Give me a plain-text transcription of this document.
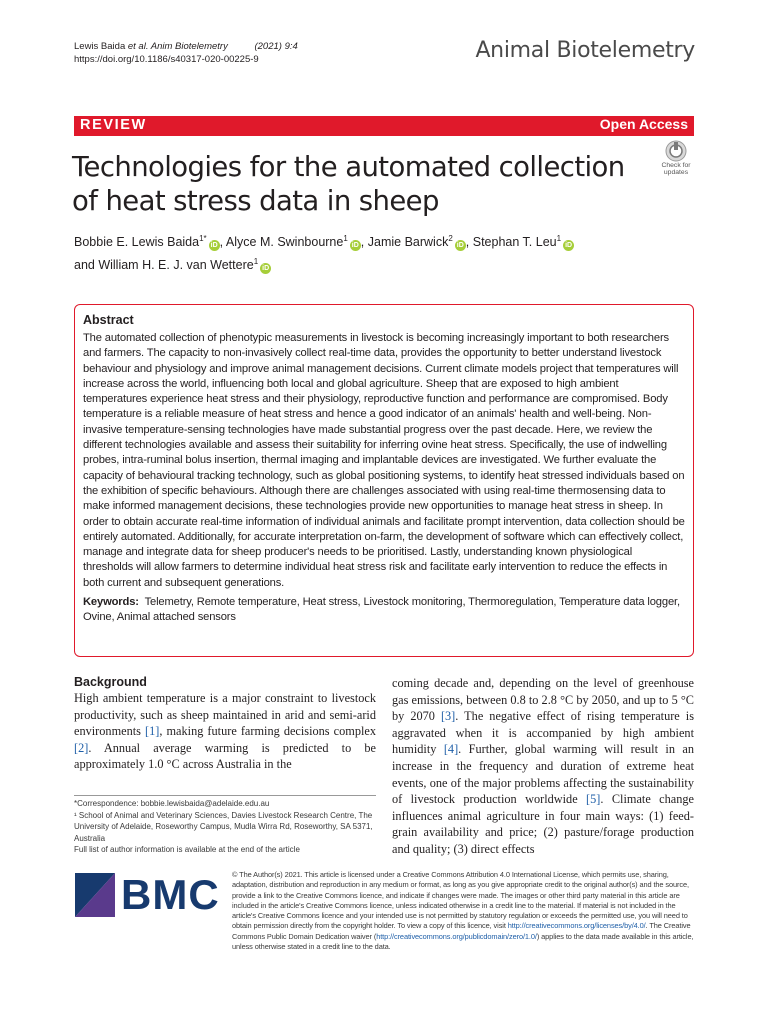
Lewis Baida et al. Anim Biotelemetry	(2021) 9:4
https://doi.org/10.1186/s40317-020-00225-9	Animal Biotelemetry
REVIEW	Open Access
Technologies for the automated collection of heat stress data in sheep
Check for
updates
Bobbie E. Lewis Baida$^{1*}$iD , Alyce M. Swinbourne$^1$iD , Jamie Barwick$^2$iD , Stephan T. Leu$^1$iD
and William H. E. J. van Wettere$^1$iD
Abstract

The automated collection of phenotypic measurements in livestock is becoming increasingly important to both researchers and farmers. The capacity to non-invasively collect real-time data, provides the opportunity to better understand livestock behaviour and physiology and improve animal management decisions. Current climate models project that temperatures will increase across the world, influencing both local and global agriculture. Sheep that are exposed to high ambient temperatures experience heat stress and their physiology, reproductive function and performance are compromised. Body temperature is a reliable measure of heat stress and hence a good indicator of an animals' health and well-being. Non-invasive temperature-sensing technologies have made substantial progress over the past decade. Here, we review the different technologies available and assess their suitability for inferring ovine heat stress. Specifically, the use of indwelling probes, intra-ruminal bolus insertion, thermal imaging and implantable devices are investigated. We further evaluate the capacity of behavioural tracking technology, such as global positioning systems, to identify heat stressed individuals based on the exhibition of specific behaviours. Although there are challenges associated with using real-time thermosensing data to make informed management decisions, these technologies provide new opportunities to manage heat stress in sheep. In order to obtain accurate real-time information of individual animals and facilitate prompt intervention, data collection should be entirely automated. Additionally, for accurate interpretation on-farm, the development of software which can effectively collect, manage and integrate data for sheep producer's needs to be prioritised. Lastly, understanding known physiological thresholds will allow farmers to determine individual heat stress risk and facilitate early intervention to reduce the effects in both current and subsequent generations.

Keywords: Telemetry, Remote temperature, Heat stress, Livestock monitoring, Thermoregulation, Temperature data logger, Ovine, Animal attached sensors

Background

High ambient temperature is a major constraint to livestock productivity, such as sheep maintained in arid and semi-arid environments [1], making future farming decisions complex [2]. Annual average warming is predicted to be approximately 1.0 °C across Australia in the

coming decade and, depending on the level of greenhouse gas emissions, between 0.8 to 2.8 °C by 2050, and up to 5 °C by 2070 [3]. The negative effect of rising temperature is aggravated when it is accompanied by high ambient humidity [4]. Further, global warming will result in an increase in the frequency and duration of extreme heat events, one of the major problems affecting the sustainability of livestock production worldwide [5]. Climate change influences animal agriculture in four main ways: (1) feed-grain availability and price; (2) pasture/forage production and quality; (3) direct effects

*Correspondence: bobbie.lewisbaida@adelaide.edu.au
¹ School of Animal and Veterinary Sciences, Davies Livestock Research Centre, The University of Adelaide, Roseworthy Campus, Mudla Wirra Rd, Roseworthy, SA 5371, Australia
Full list of author information is available at the end of the article
BMC © The Author(s) 2021. This article is licensed under a Creative Commons Attribution 4.0 International License, which permits use, sharing, adaptation, distribution and reproduction in any medium or format, as long as you give appropriate credit to the original author(s) and the source, provide a link to the Creative Commons licence, and indicate if changes were made. The images or other third party material in this article are included in the article's Creative Commons licence, unless indicated otherwise in a credit line to the material. If material is not included in the article's Creative Commons licence and your intended use is not permitted by statutory regulation or exceeds the permitted use, you will need to obtain permission directly from the copyright holder. To view a copy of this licence, visit http://creativecommons.org/licenses/by/4.0/. The Creative Commons Public Domain Dedication waiver (http://creativecommons.org/publicdomain/zero/1.0/) applies to the data made available in this article, unless otherwise stated in a credit line to the data.
